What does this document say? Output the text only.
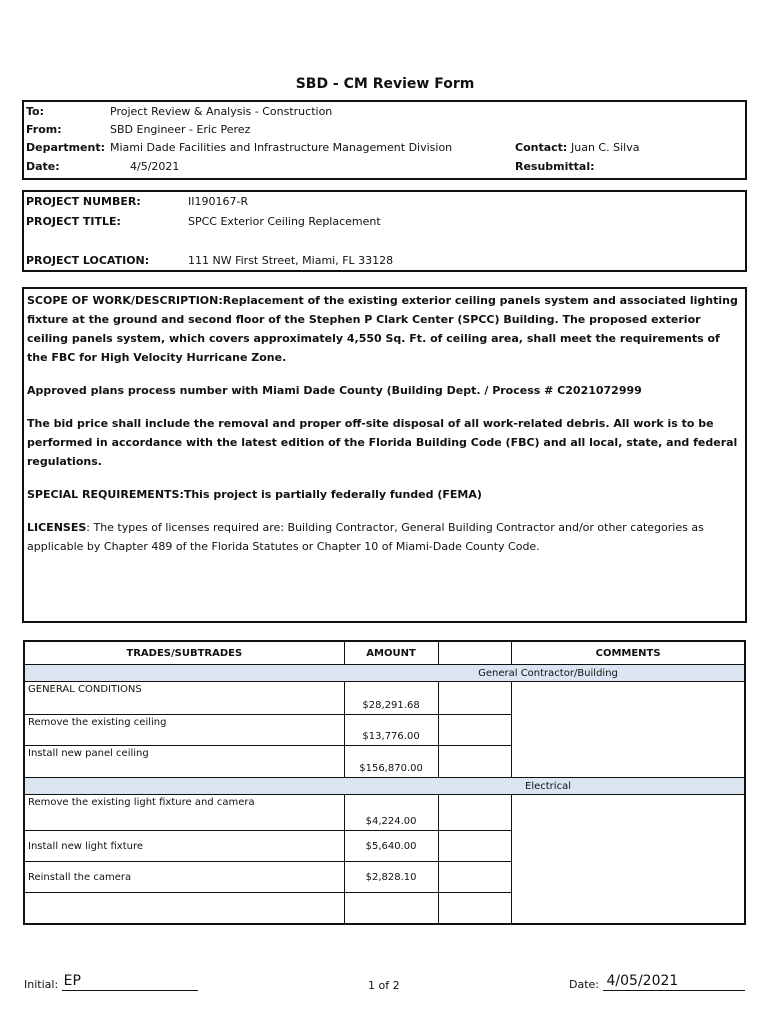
SBD - CM Review Form
To:	Project Review & Analysis - Construction
From:	SBD Engineer - Eric Perez
Department: Miami Dade Facilities and Infrastructure Management Division	Contact: Juan C. Silva
Date:	4/5/2021	Resubmittal:
PROJECT NUMBER:	II190167-R
PROJECT TITLE:	SPCC Exterior Ceiling Replacement
PROJECT LOCATION:	111 NW First Street, Miami, FL 33128

SCOPE OF WORK/DESCRIPTION:Replacement of the existing exterior ceiling panels system and associated lighting fixture at the ground and second floor of the Stephen P Clark Center (SPCC) Building. The proposed exterior ceiling panels system, which covers approximately 4,550 Sq. Ft. of ceiling area, shall meet the requirements of the FBC for High Velocity Hurricane Zone.

Approved plans process number with Miami Dade County (Building Dept. / Process # C2021072999

The bid price shall include the removal and proper off-site disposal of all work-related debris. All work is to be performed in accordance with the latest edition of the Florida Building Code (FBC) and all local, state, and federal regulations.

SPECIAL REQUIREMENTS:This project is partially federally funded (FEMA)

LICENSES: The types of licenses required are: Building Contractor, General Building Contractor and/or other categories as applicable by Chapter 489 of the Florida Statutes or Chapter 10 of Miami-Dade County Code.

TRADES/SUBTRADES	AMOUNT		COMMENTS
General Contractor/Building			
GENERAL CONDITIONS	$28,291.68		
Remove the existing ceiling	$13,776.00		
Install new panel ceiling	$156,870.00		
Electrical			
Remove the existing light fixture and camera	$4,224.00		
Install new light fixture	$5,640.00		
Reinstall the camera	$2,828.10		

Initial: EP	1 of 2	Date: 4/05/2021
